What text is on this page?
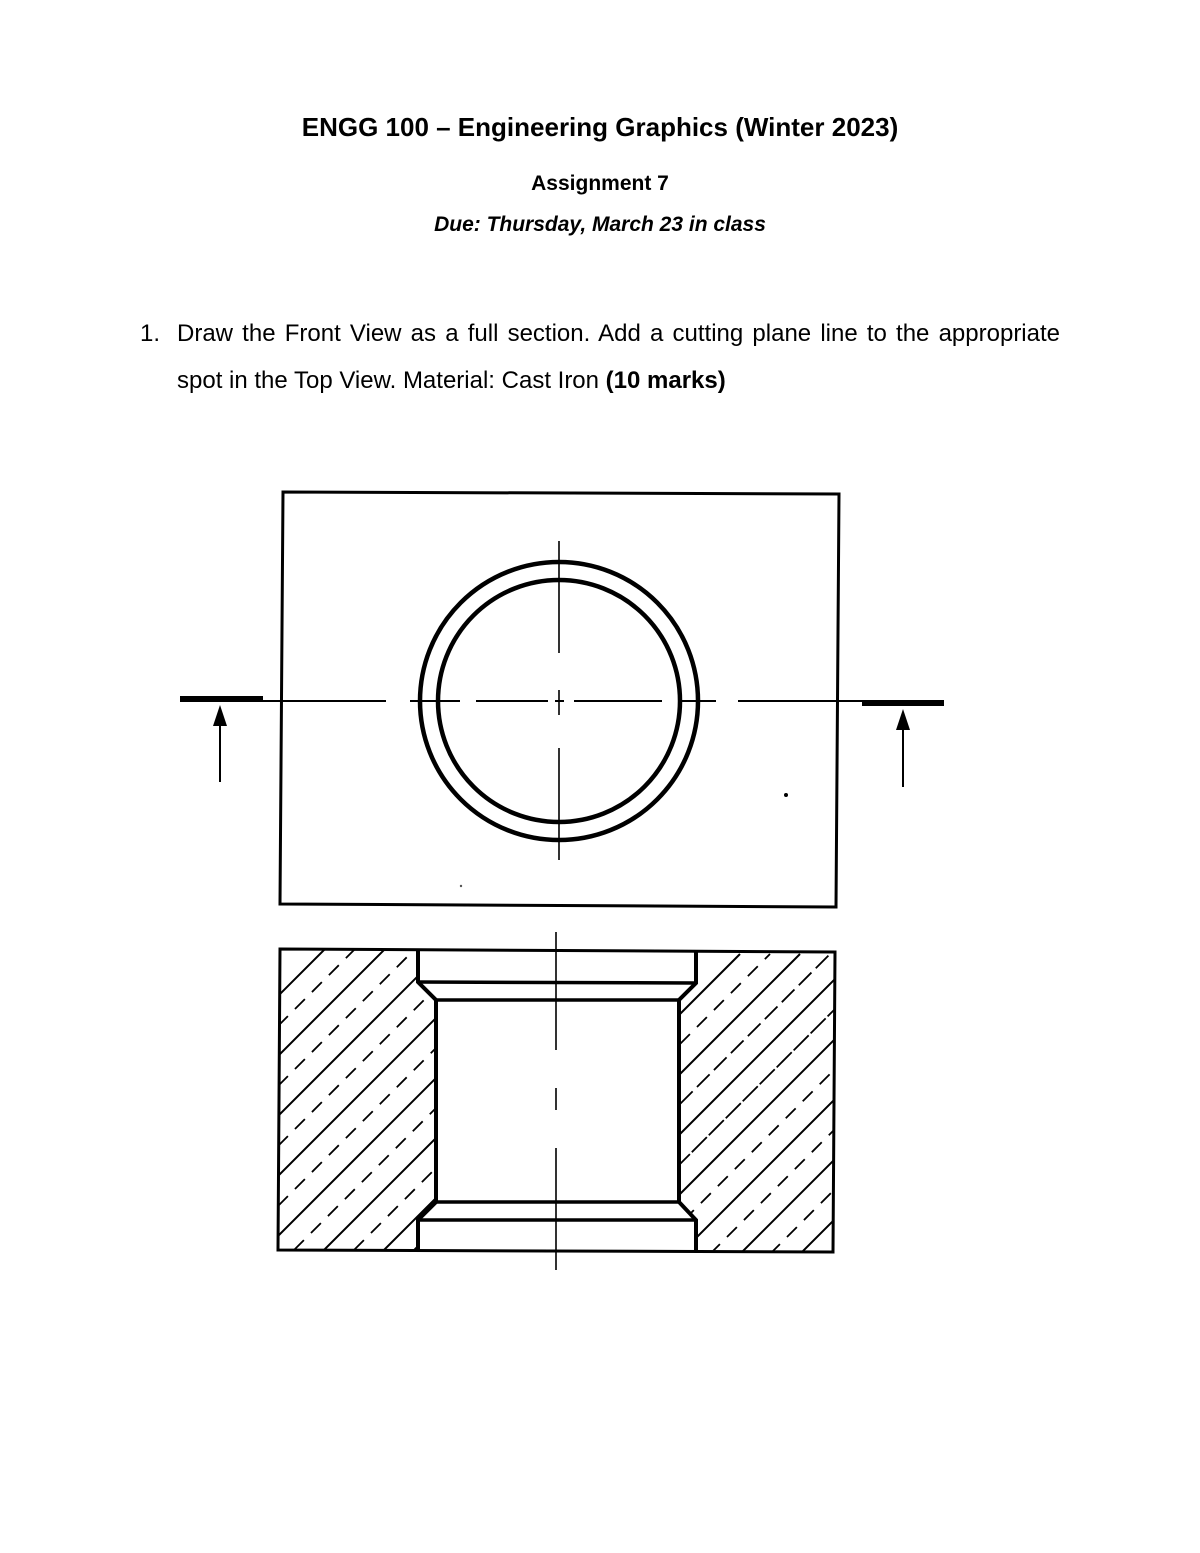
ENGG 100 – Engineering Graphics (Winter 2023)
Assignment 7
Due: Thursday, March 23 in class
1. Draw the Front View as a full section. Add a cutting plane line to the appropriate spot in the Top View. Material: Cast Iron (10 marks)
